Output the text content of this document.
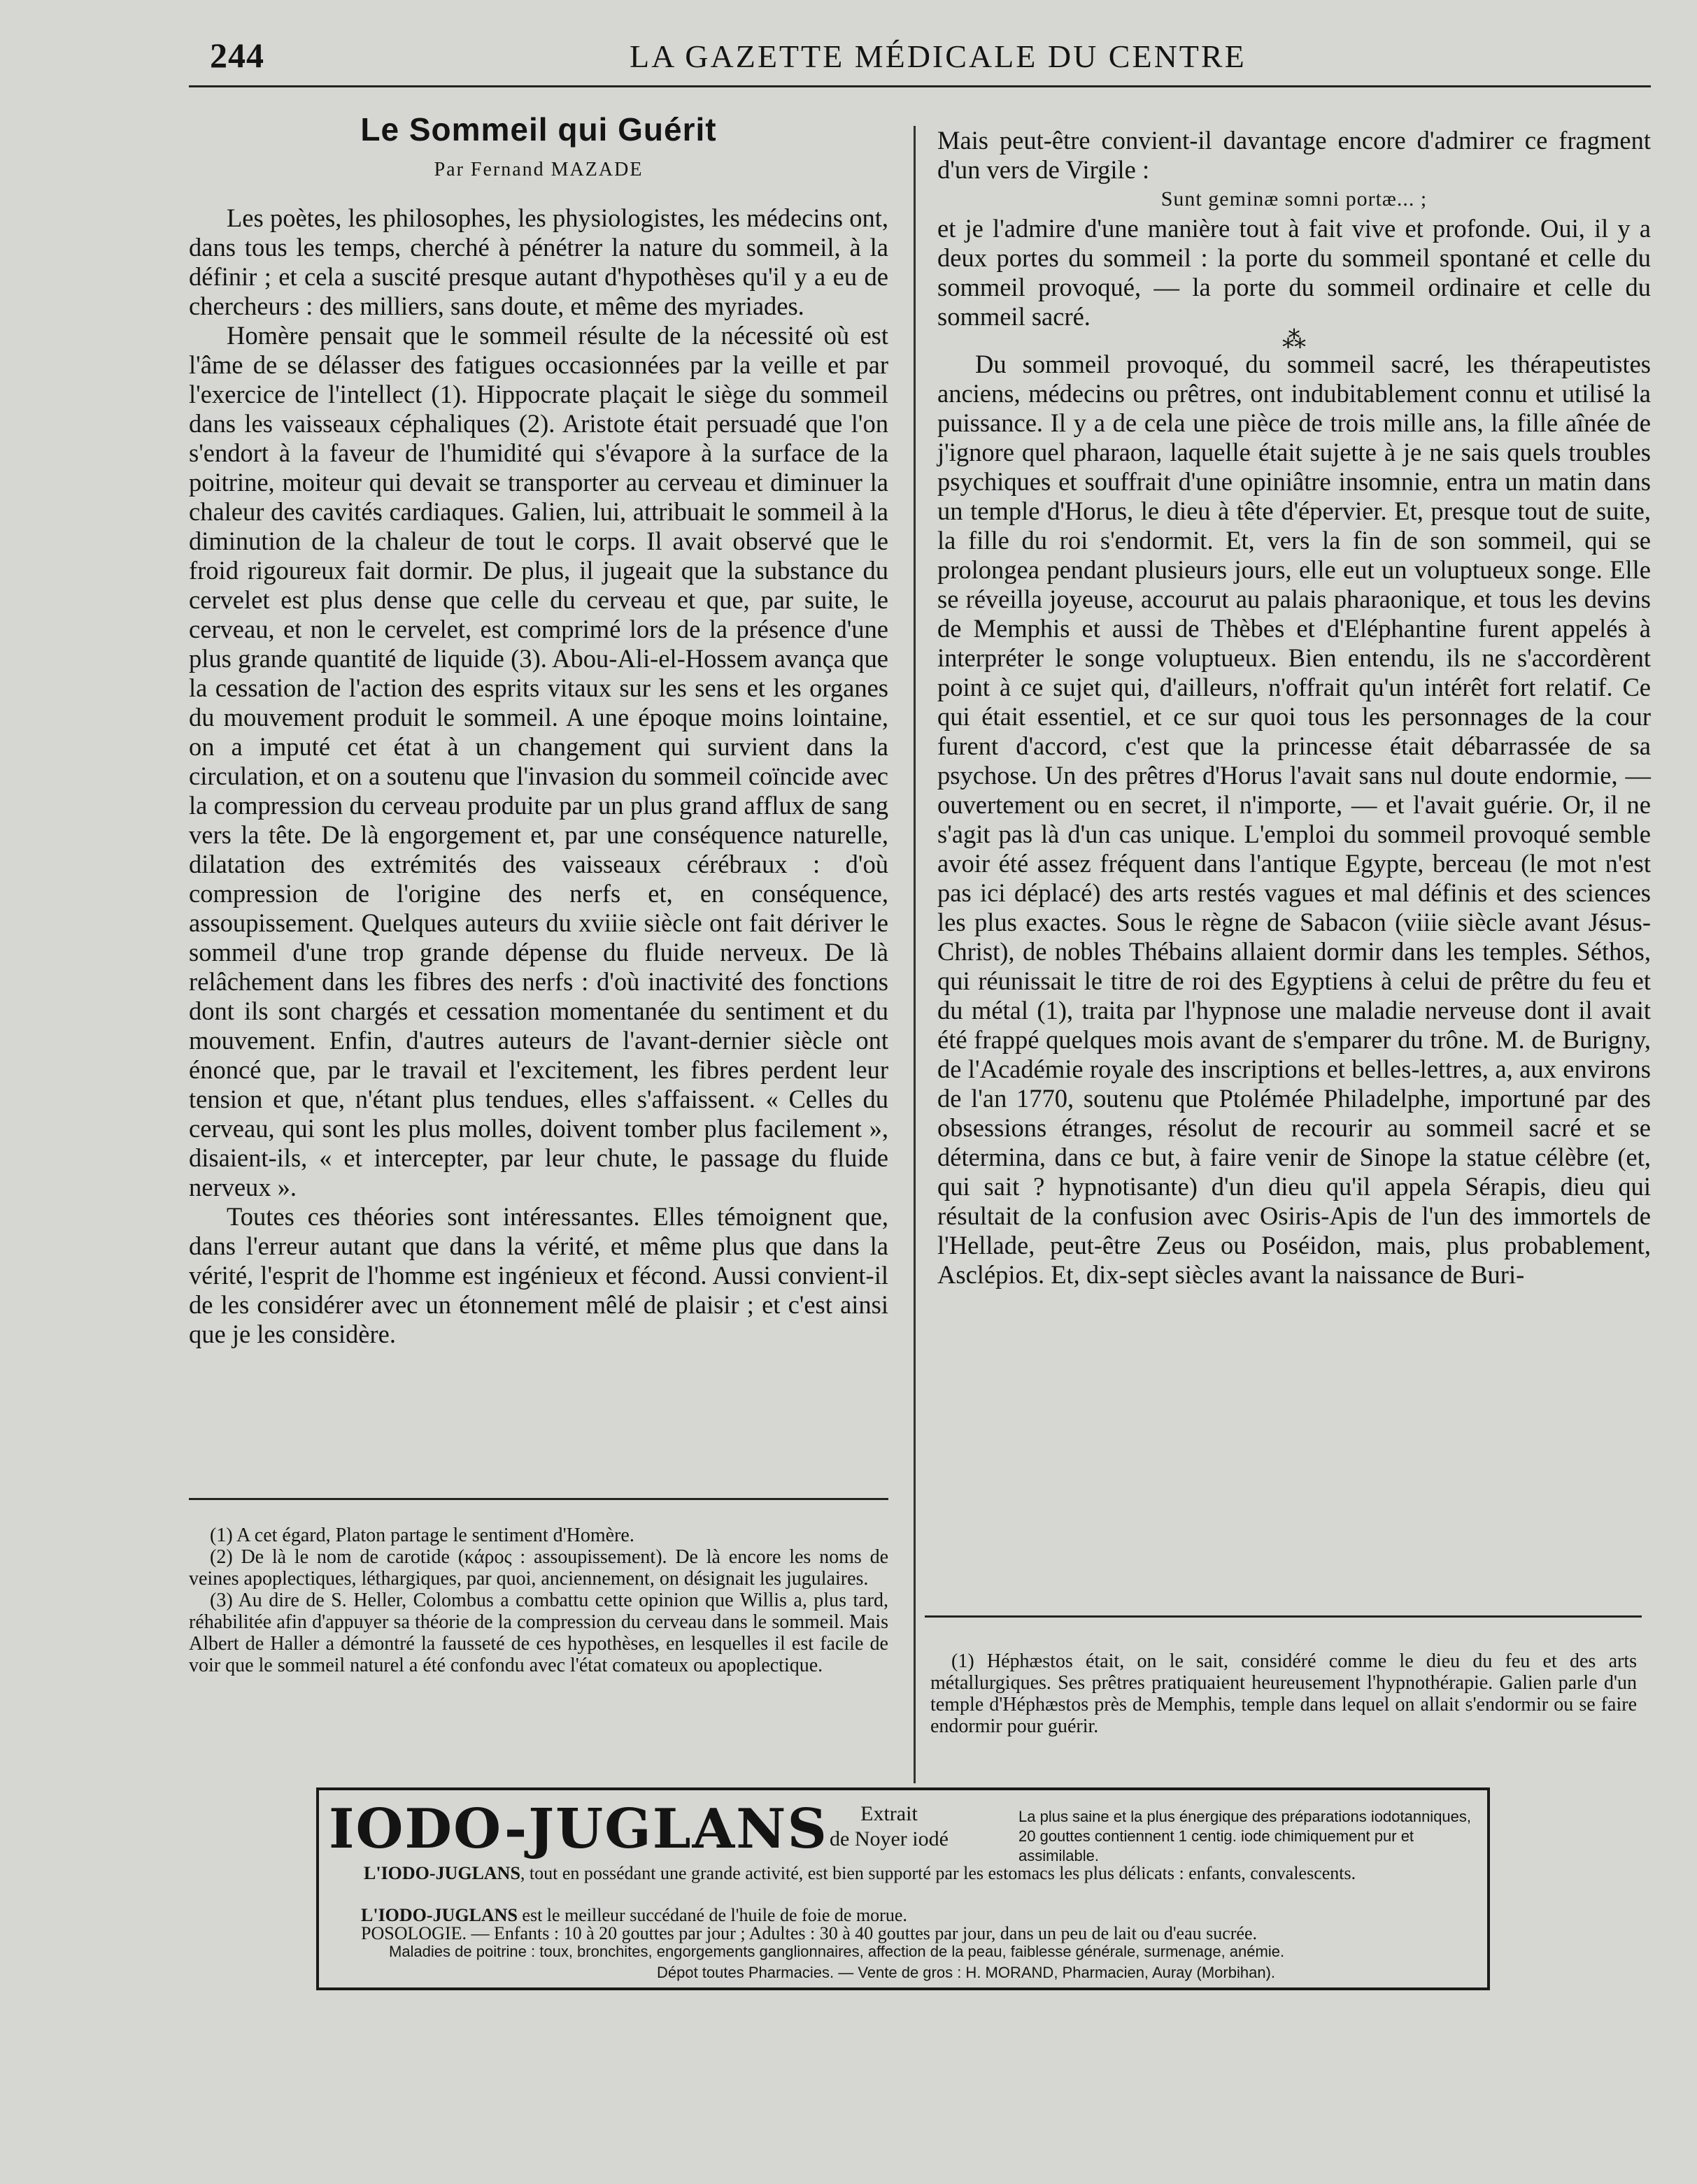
244	LA GAZETTE MÉDICALE DU CENTRE
Le Sommeil qui Guérit
Par Fernand MAZADE

Les poètes, les philosophes, les physiologistes, les médecins ont, dans tous les temps, cherché à pénétrer la nature du sommeil, à la définir ; et cela a suscité presque autant d'hypothèses qu'il y a eu de chercheurs : des milliers, sans doute, et même des myriades.

Homère pensait que le sommeil résulte de la nécessité où est l'âme de se délasser des fatigues occasionnées par la veille et par l'exercice de l'intellect (1). Hippocrate plaçait le siège du sommeil dans les vaisseaux céphaliques (2). Aristote était persuadé que l'on s'endort à la faveur de l'humidité qui s'évapore à la surface de la poitrine, moiteur qui devait se transporter au cerveau et diminuer la chaleur des cavités cardiaques. Galien, lui, attribuait le sommeil à la diminution de la chaleur de tout le corps. Il avait observé que le froid rigoureux fait dormir. De plus, il jugeait que la substance du cervelet est plus dense que celle du cerveau et que, par suite, le cerveau, et non le cervelet, est comprimé lors de la présence d'une plus grande quantité de liquide (3). Abou-Ali-el-Hossem avança que la cessation de l'action des esprits vitaux sur les sens et les organes du mouvement produit le sommeil. A une époque moins lointaine, on a imputé cet état à un changement qui survient dans la circulation, et on a soutenu que l'invasion du sommeil coïncide avec la compression du cerveau produite par un plus grand afflux de sang vers la tête. De là engorgement et, par une conséquence naturelle, dilatation des extrémités des vaisseaux cérébraux : d'où compression de l'origine des nerfs et, en conséquence, assoupissement. Quelques auteurs du xviiie siècle ont fait dériver le sommeil d'une trop grande dépense du fluide nerveux. De là relâchement dans les fibres des nerfs : d'où inactivité des fonctions dont ils sont chargés et cessation momentanée du sentiment et du mouvement. Enfin, d'autres auteurs de l'avant-dernier siècle ont énoncé que, par le travail et l'excitement, les fibres perdent leur tension et que, n'étant plus tendues, elles s'affaissent. « Celles du cerveau, qui sont les plus molles, doivent tomber plus facilement », disaient-ils, « et intercepter, par leur chute, le passage du fluide nerveux ».

Toutes ces théories sont intéressantes. Elles témoignent que, dans l'erreur autant que dans la vérité, et même plus que dans la vérité, l'esprit de l'homme est ingénieux et fécond. Aussi convient-il de les considérer avec un étonnement mêlé de plaisir ; et c'est ainsi que je les considère.

Mais peut-être convient-il davantage encore d'admirer ce fragment d'un vers de Virgile :

Sunt geminæ somni portæ... ;

et je l'admire d'une manière tout à fait vive et profonde. Oui, il y a deux portes du sommeil : la porte du sommeil spontané et celle du sommeil provoqué, — la porte du sommeil ordinaire et celle du sommeil sacré.

⁂

Du sommeil provoqué, du sommeil sacré, les thérapeutistes anciens, médecins ou prêtres, ont indubitablement connu et utilisé la puissance. Il y a de cela une pièce de trois mille ans, la fille aînée de j'ignore quel pharaon, laquelle était sujette à je ne sais quels troubles psychiques et souffrait d'une opiniâtre insomnie, entra un matin dans un temple d'Horus, le dieu à tête d'épervier. Et, presque tout de suite, la fille du roi s'endormit. Et, vers la fin de son sommeil, qui se prolongea pendant plusieurs jours, elle eut un voluptueux songe. Elle se réveilla joyeuse, accourut au palais pharaonique, et tous les devins de Memphis et aussi de Thèbes et d'Eléphantine furent appelés à interpréter le songe voluptueux. Bien entendu, ils ne s'accordèrent point à ce sujet qui, d'ailleurs, n'offrait qu'un intérêt fort relatif. Ce qui était essentiel, et ce sur quoi tous les personnages de la cour furent d'accord, c'est que la princesse était débarrassée de sa psychose. Un des prêtres d'Horus l'avait sans nul doute endormie, — ouvertement ou en secret, il n'importe, — et l'avait guérie. Or, il ne s'agit pas là d'un cas unique. L'emploi du sommeil provoqué semble avoir été assez fréquent dans l'antique Egypte, berceau (le mot n'est pas ici déplacé) des arts restés vagues et mal définis et des sciences les plus exactes. Sous le règne de Sabacon (viiie siècle avant Jésus-Christ), de nobles Thébains allaient dormir dans les temples. Séthos, qui réunissait le titre de roi des Egyptiens à celui de prêtre du feu et du métal (1), traita par l'hypnose une maladie nerveuse dont il avait été frappé quelques mois avant de s'emparer du trône. M. de Burigny, de l'Académie royale des inscriptions et belles-lettres, a, aux environs de l'an 1770, soutenu que Ptolémée Philadelphe, importuné par des obsessions étranges, résolut de recourir au sommeil sacré et se détermina, dans ce but, à faire venir de Sinope la statue célèbre (et, qui sait ? hypnotisante) d'un dieu qu'il appela Sérapis, dieu qui résultait de la confusion avec Osiris-Apis de l'un des immortels de l'Hellade, peut-être Zeus ou Poséidon, mais, plus probablement, Asclépios. Et, dix-sept siècles avant la naissance de Buri-

(1) A cet égard, Platon partage le sentiment d'Homère.

(2) De là le nom de carotide (κάρος : assoupissement). De là encore les noms de veines apoplectiques, léthargiques, par quoi, anciennement, on désignait les jugulaires.

(3) Au dire de S. Heller, Colombus a combattu cette opinion que Willis a, plus tard, réhabilitée afin d'appuyer sa théorie de la compression du cerveau dans le sommeil. Mais Albert de Haller a démontré la fausseté de ces hypothèses, en lesquelles il est facile de voir que le sommeil naturel a été confondu avec l'état comateux ou apoplectique.	(1) Héphæstos était, on le sait, considéré comme le dieu du feu et des arts métallurgiques. Ses prêtres pratiquaient heureusement l'hypnothérapie. Galien parle d'un temple d'Héphæstos près de Memphis, temple dans lequel on allait s'endormir ou se faire endormir pour guérir.

IODO-JUGLANS	Extrait
de Noyer iodé
La plus saine et la plus énergique des préparations iodotanniques, 20 gouttes contiennent 1 centig. iode chimiquement pur et assimilable.
L'IODO-JUGLANS, tout en possédant une grande activité, est bien supporté par les estomacs les plus délicats : enfants, convalescents.
L'IODO-JUGLANS est le meilleur succédané de l'huile de foie de morue.
POSOLOGIE. — Enfants : 10 à 20 gouttes par jour ; Adultes : 30 à 40 gouttes par jour, dans un peu de lait ou d'eau sucrée.
Maladies de poitrine : toux, bronchites, engorgements ganglionnaires, affection de la peau, faiblesse générale, surmenage, anémie.
Dépot toutes Pharmacies. — Vente de gros : H. MORAND, Pharmacien, Auray (Morbihan).
